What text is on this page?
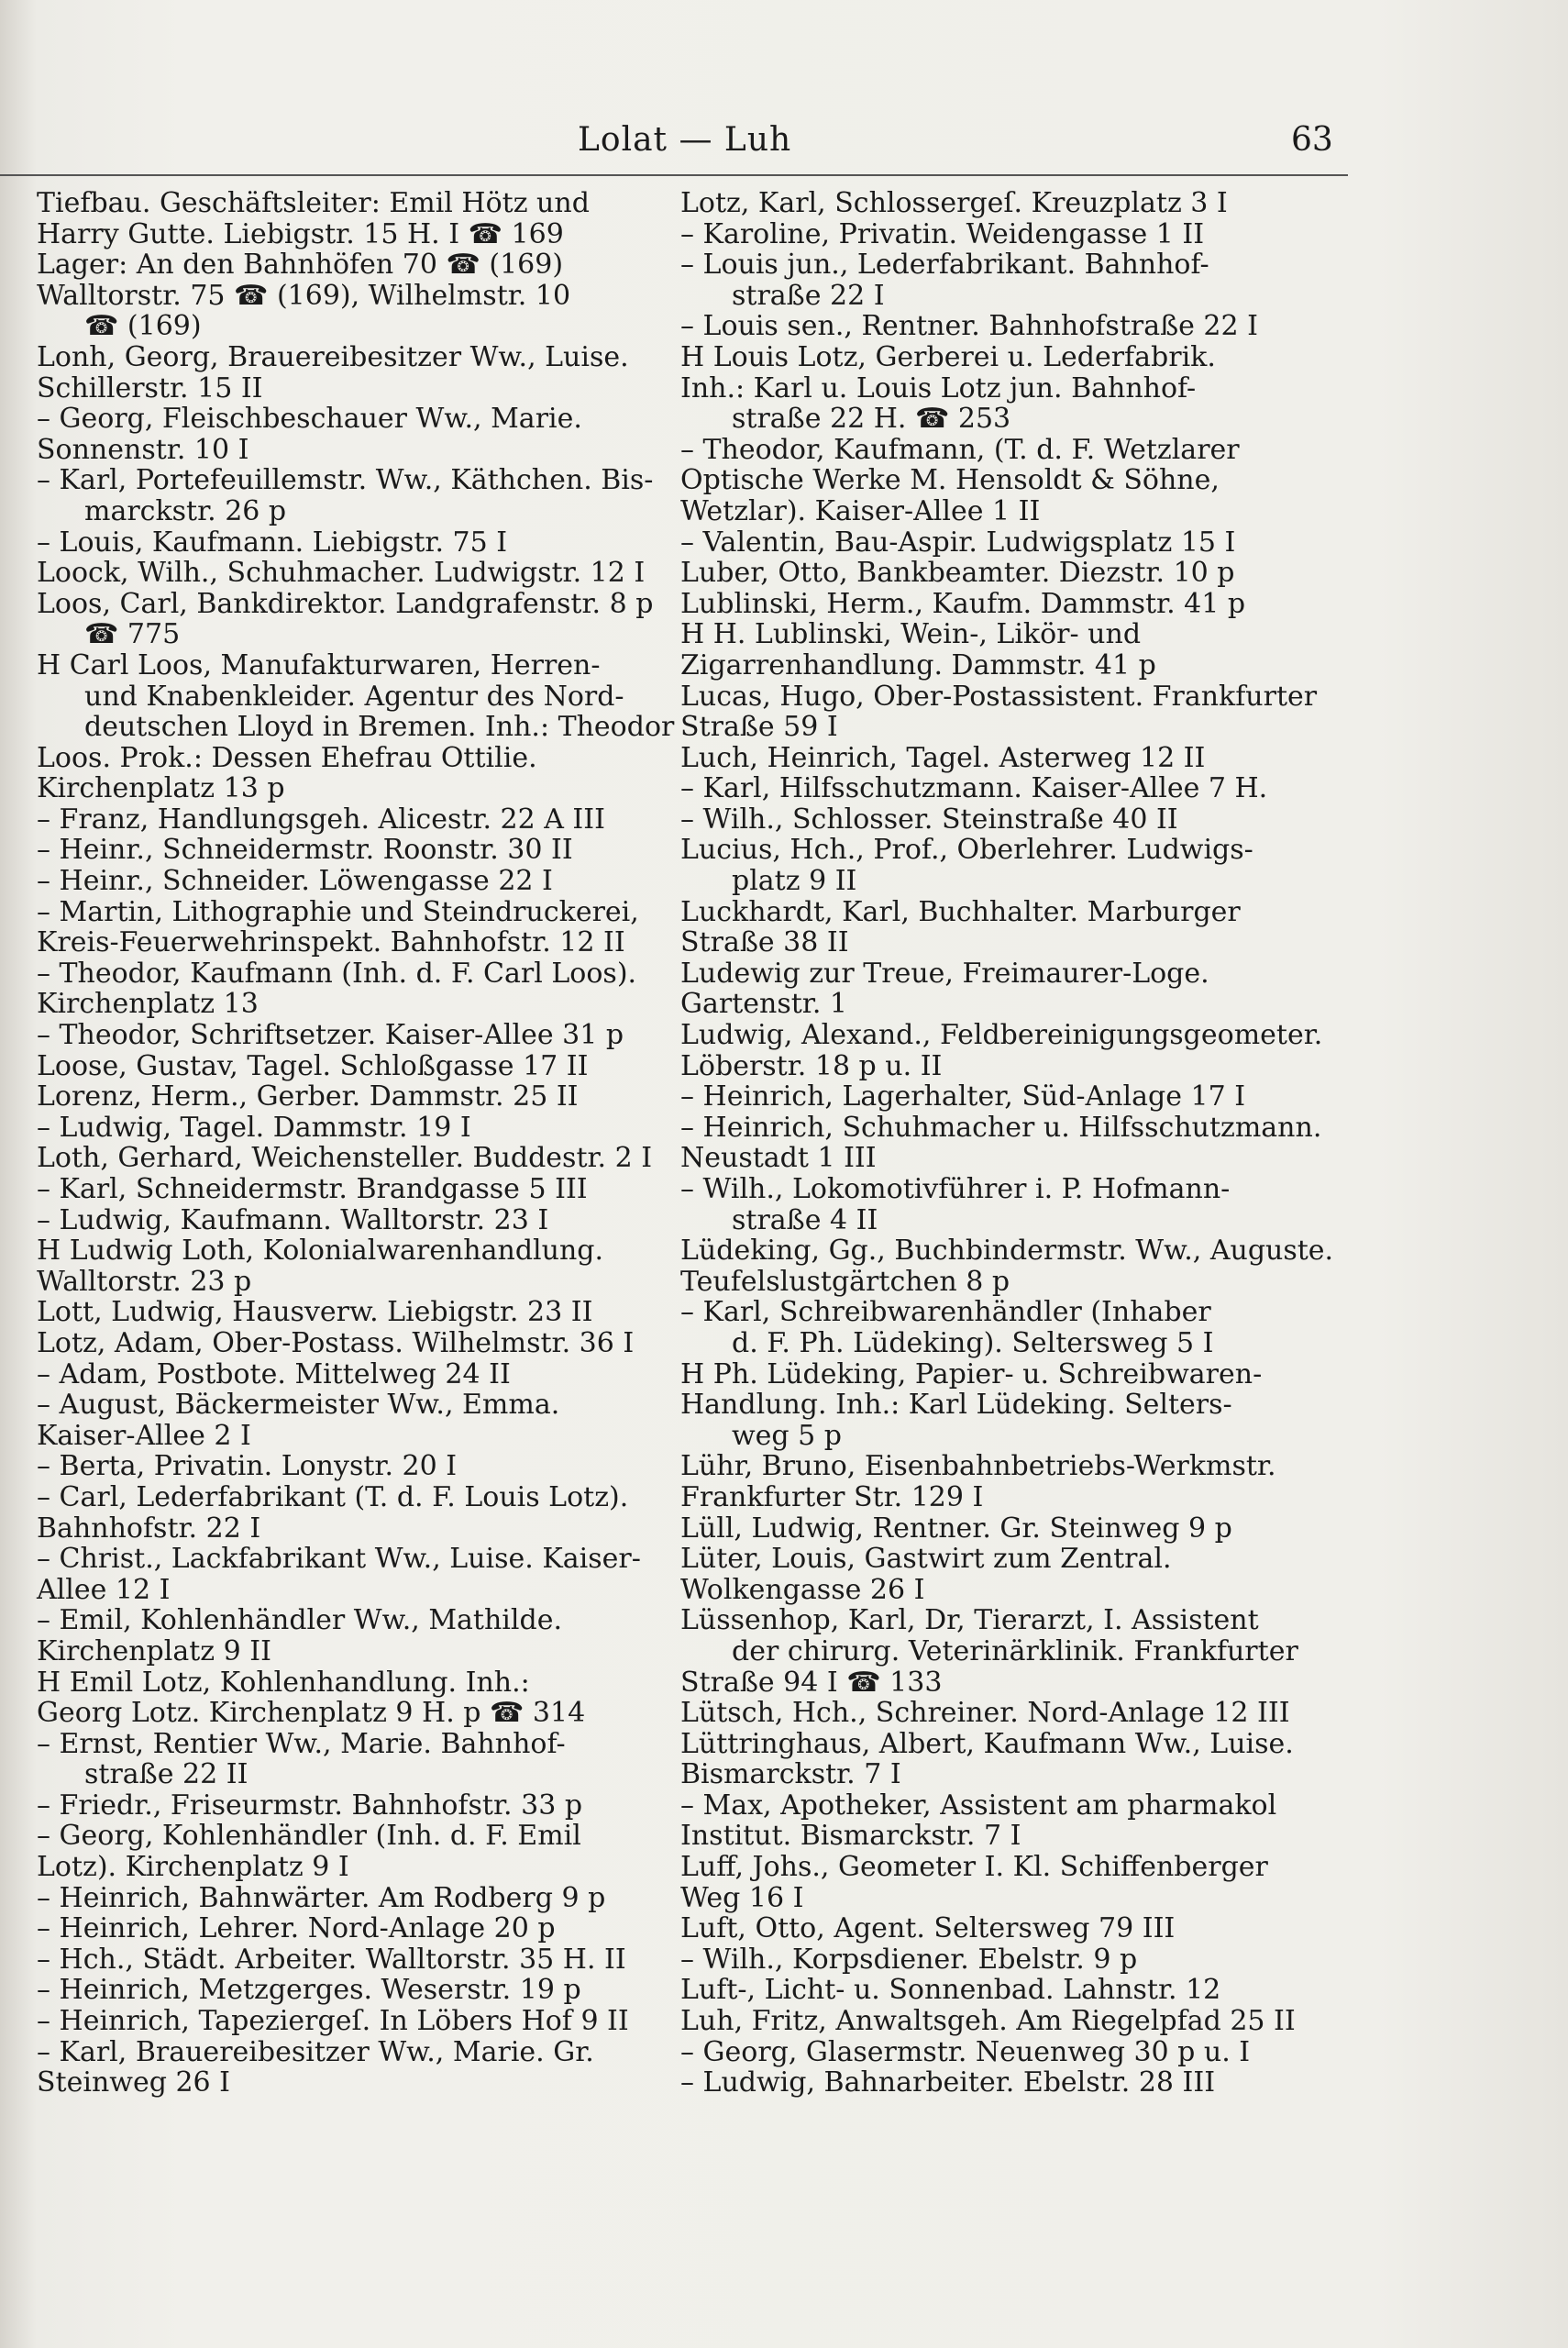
Lolat — Luh	63
Tiefbau. Geschäftsleiter: Emil Hötz und
Harry Gutte. Liebigstr. 15 H. I ☎ 169
Lager: An den Bahnhöfen 70 ☎ (169)
Walltorstr. 75 ☎ (169), Wilhelmstr. 10
☎ (169)
Lonh, Georg, Brauereibesitzer Ww., Luise.
Schillerstr. 15 II
– Georg, Fleischbeschauer Ww., Marie.
Sonnenstr. 10 I
– Karl, Portefeuillemstr. Ww., Käthchen. Bis-
marckstr. 26 p
– Louis, Kaufmann. Liebigstr. 75 I
Loock, Wilh., Schuhmacher. Ludwigstr. 12 I
Loos, Carl, Bankdirektor. Landgrafenstr. 8 p
☎ 775
H Carl Loos, Manufakturwaren, Herren-
und Knabenkleider. Agentur des Nord-
deutschen Lloyd in Bremen. Inh.: Theodor
Loos. Prok.: Dessen Ehefrau Ottilie.
Kirchenplatz 13 p
– Franz, Handlungsgeh. Alicestr. 22 A III
– Heinr., Schneidermstr. Roonstr. 30 II
– Heinr., Schneider. Löwengasse 22 I
– Martin, Lithographie und Steindruckerei,
Kreis-Feuerwehrinspekt. Bahnhofstr. 12 II
– Theodor, Kaufmann (Inh. d. F. Carl Loos).
Kirchenplatz 13
– Theodor, Schriftsetzer. Kaiser-Allee 31 p
Loose, Gustav, Tagel. Schloßgasse 17 II
Lorenz, Herm., Gerber. Dammstr. 25 II
– Ludwig, Tagel. Dammstr. 19 I
Loth, Gerhard, Weichensteller. Buddestr. 2 I
– Karl, Schneidermstr. Brandgasse 5 III
– Ludwig, Kaufmann. Walltorstr. 23 I
H Ludwig Loth, Kolonialwarenhandlung.
Walltorstr. 23 p
Lott, Ludwig, Hausverw. Liebigstr. 23 II
Lotz, Adam, Ober-Postass. Wilhelmstr. 36 I
– Adam, Postbote. Mittelweg 24 II
– August, Bäckermeister Ww., Emma.
Kaiser-Allee 2 I
– Berta, Privatin. Lonystr. 20 I
– Carl, Lederfabrikant (T. d. F. Louis Lotz).
Bahnhofstr. 22 I
– Christ., Lackfabrikant Ww., Luise. Kaiser-
Allee 12 I
– Emil, Kohlenhändler Ww., Mathilde.
Kirchenplatz 9 II
H Emil Lotz, Kohlenhandlung. Inh.:
Georg Lotz. Kirchenplatz 9 H. p ☎ 314
– Ernst, Rentier Ww., Marie. Bahnhof-
straße 22 II
– Friedr., Friseurmstr. Bahnhofstr. 33 p
– Georg, Kohlenhändler (Inh. d. F. Emil
Lotz). Kirchenplatz 9 I
– Heinrich, Bahnwärter. Am Rodberg 9 p
– Heinrich, Lehrer. Nord-Anlage 20 p
– Hch., Städt. Arbeiter. Walltorstr. 35 H. II
– Heinrich, Metzgerges. Weserstr. 19 p
– Heinrich, Tapeziergeſ. In Löbers Hof 9 II
– Karl, Brauereibesitzer Ww., Marie. Gr.
Steinweg 26 I
Lotz, Karl, Schlossergeſ. Kreuzplatz 3 I
– Karoline, Privatin. Weidengasse 1 II
– Louis jun., Lederfabrikant. Bahnhof-
straße 22 I
– Louis sen., Rentner. Bahnhofstraße 22 I
H Louis Lotz, Gerberei u. Lederfabrik.
Inh.: Karl u. Louis Lotz jun. Bahnhof-
straße 22 H. ☎ 253
– Theodor, Kaufmann, (T. d. F. Wetzlarer
Optische Werke M. Hensoldt & Söhne,
Wetzlar). Kaiser-Allee 1 II
– Valentin, Bau-Aspir. Ludwigsplatz 15 I
Luber, Otto, Bankbeamter. Diezstr. 10 p
Lublinski, Herm., Kaufm. Dammstr. 41 p
H H. Lublinski, Wein-, Likör- und
Zigarrenhandlung. Dammstr. 41 p
Lucas, Hugo, Ober-Postassistent. Frankfurter
Straße 59 I
Luch, Heinrich, Tagel. Asterweg 12 II
– Karl, Hilfsschutzmann. Kaiser-Allee 7 H.
– Wilh., Schlosser. Steinstraße 40 II
Lucius, Hch., Prof., Oberlehrer. Ludwigs-
platz 9 II
Luckhardt, Karl, Buchhalter. Marburger
Straße 38 II
Ludewig zur Treue, Freimaurer-Loge.
Gartenstr. 1
Ludwig, Alexand., Feldbereinigungsgeometer.
Löberstr. 18 p u. II
– Heinrich, Lagerhalter, Süd-Anlage 17 I
– Heinrich, Schuhmacher u. Hilfsschutzmann.
Neustadt 1 III
– Wilh., Lokomotivführer i. P. Hofmann-
straße 4 II
Lüdeking, Gg., Buchbindermstr. Ww., Auguste.
Teufelslustgärtchen 8 p
– Karl, Schreibwarenhändler (Inhaber
d. F. Ph. Lüdeking). Seltersweg 5 I
H Ph. Lüdeking, Papier- u. Schreibwaren-
Handlung. Inh.: Karl Lüdeking. Selters-
weg 5 p
Lühr, Bruno, Eisenbahnbetriebs-Werkmstr.
Frankfurter Str. 129 I
Lüll, Ludwig, Rentner. Gr. Steinweg 9 p
Lüter, Louis, Gastwirt zum Zentral.
Wolkengasse 26 I
Lüssenhop, Karl, Dr, Tierarzt, I. Assistent
der chirurg. Veterinärklinik. Frankfurter
Straße 94 I ☎ 133
Lütsch, Hch., Schreiner. Nord-Anlage 12 III
Lüttringhaus, Albert, Kaufmann Ww., Luise.
Bismarckstr. 7 I
– Max, Apotheker, Assistent am pharmakol
Institut. Bismarckstr. 7 I
Luff, Johs., Geometer I. Kl. Schiffenberger
Weg 16 I
Luft, Otto, Agent. Seltersweg 79 III
– Wilh., Korpsdiener. Ebelstr. 9 p
Luft-, Licht- u. Sonnenbad. Lahnstr. 12
Luh, Fritz, Anwaltsgeh. Am Riegelpfad 25 II
– Georg, Glasermstr. Neuenweg 30 p u. I
– Ludwig, Bahnarbeiter. Ebelstr. 28 III
